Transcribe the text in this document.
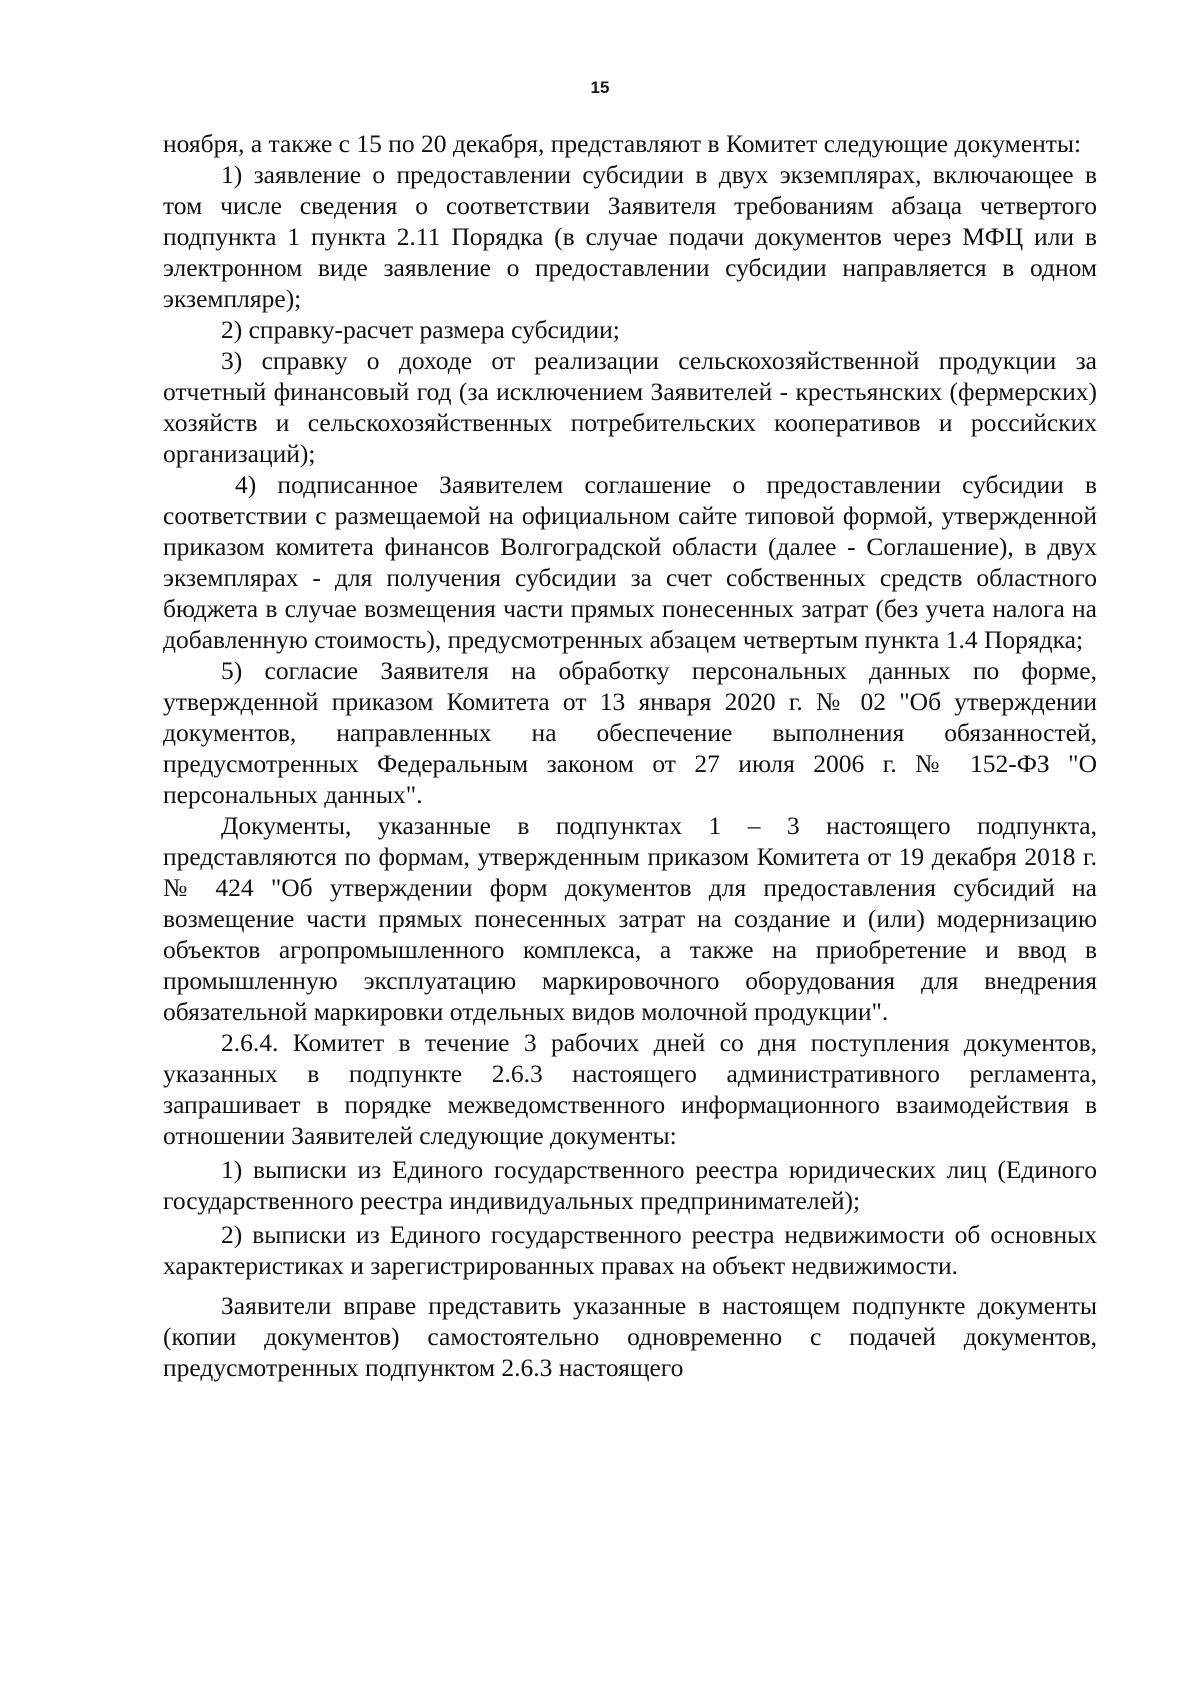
15

ноября, а также с 15 по 20 декабря, представляют в Комитет следующие документы:

1) заявление о предоставлении субсидии в двух экземплярах, включающее в том числе сведения о соответствии Заявителя требованиям абзаца четвертого подпункта 1 пункта 2.11 Порядка (в случае подачи документов через МФЦ или в электронном виде заявление о предоставлении субсидии направляется в одном экземпляре);

2) справку-расчет размера субсидии;

3) справку о доходе от реализации сельскохозяйственной продукции за отчетный финансовый год (за исключением Заявителей - крестьянских (фермерских) хозяйств и сельскохозяйственных потребительских кооперативов и российских организаций);

4) подписанное Заявителем соглашение о предоставлении субсидии в соответствии с размещаемой на официальном сайте типовой формой, утвержденной приказом комитета финансов Волгоградской области (далее - Соглашение), в двух экземплярах - для получения субсидии за счет собственных средств областного бюджета в случае возмещения части прямых понесенных затрат (без учета налога на добавленную стоимость), предусмотренных абзацем четвертым пункта 1.4 Порядка;

5) согласие Заявителя на обработку персональных данных по форме, утвержденной приказом Комитета от 13 января 2020 г. № 02 "Об утверждении документов, направленных на обеспечение выполнения обязанностей, предусмотренных Федеральным законом от 27 июля 2006 г. № 152-ФЗ "О персональных данных".

Документы, указанные в подпунктах 1 – 3 настоящего подпункта, представляются по формам, утвержденным приказом Комитета от 19 декабря 2018 г. № 424 "Об утверждении форм документов для предоставления субсидий на возмещение части прямых понесенных затрат на создание и (или) модернизацию объектов агропромышленного комплекса, а также на приобретение и ввод в промышленную эксплуатацию маркировочного оборудования для внедрения обязательной маркировки отдельных видов молочной продукции".

2.6.4. Комитет в течение 3 рабочих дней со дня поступления документов, указанных в подпункте 2.6.3 настоящего административного регламента, запрашивает в порядке межведомственного информационного взаимодействия в отношении Заявителей следующие документы:

1) выписки из Единого государственного реестра юридических лиц (Единого государственного реестра индивидуальных предпринимателей);

2) выписки из Единого государственного реестра недвижимости об основных характеристиках и зарегистрированных правах на объект недвижимости.

Заявители вправе представить указанные в настоящем подпункте документы (копии документов) самостоятельно одновременно с подачей документов, предусмотренных подпунктом 2.6.3 настоящего
